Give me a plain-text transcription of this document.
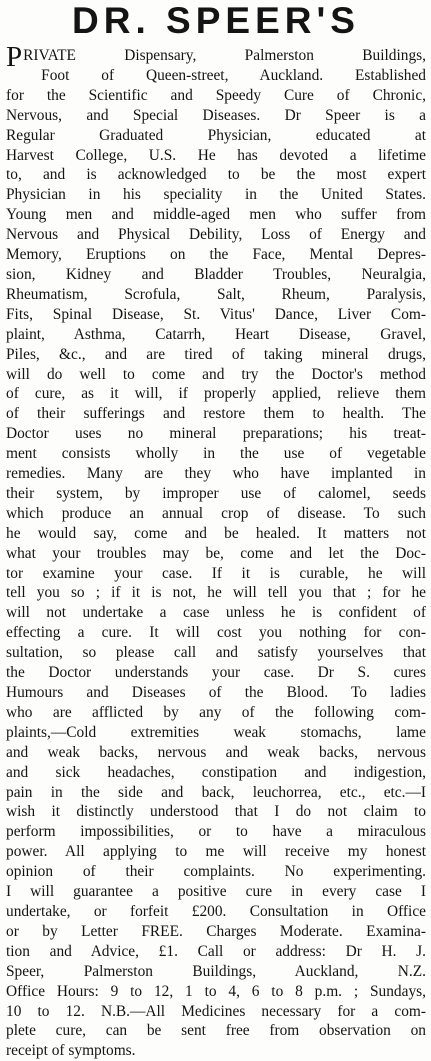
DR. SPEER'S
P RIVATE Dispensary, Palmerston Buildings,
Foot of Queen-street, Auckland. Established
for the Scientific and Speedy Cure of Chronic,
Nervous, and Special Diseases. Dr Speer is a
Regular Graduated Physician, educated at
Harvest College, U.S. He has devoted a lifetime
to, and is acknowledged to be the most expert
Physician in his speciality in the United States.
Young men and middle-aged men who suffer from
Nervous and Physical Debility, Loss of Energy and
Memory, Eruptions on the Face, Mental Depres-
sion, Kidney and Bladder Troubles, Neuralgia,
Rheumatism, Scrofula, Salt, Rheum, Paralysis,
Fits, Spinal Disease, St. Vitus' Dance, Liver Com-
plaint, Asthma, Catarrh, Heart Disease, Gravel,
Piles, &c., and are tired of taking mineral drugs,
will do well to come and try the Doctor's method
of cure, as it will, if properly applied, relieve them
of their sufferings and restore them to health. The
Doctor uses no mineral preparations; his treat-
ment consists wholly in the use of vegetable
remedies. Many are they who have implanted in
their system, by improper use of calomel, seeds
which produce an annual crop of disease. To such
he would say, come and be healed. It matters not
what your troubles may be, come and let the Doc-
tor examine your case. If it is curable, he will
tell you so ; if it is not, he will tell you that ; for he
will not undertake a case unless he is confident of
effecting a cure. It will cost you nothing for con-
sultation, so please call and satisfy yourselves that
the Doctor understands your case. Dr S. cures
Humours and Diseases of the Blood. To ladies
who are afflicted by any of the following com-
plaints,—Cold extremities weak stomachs, lame
and weak backs, nervous and weak backs, nervous
and sick headaches, constipation and indigestion,
pain in the side and back, leuchorrea, etc., etc.—I
wish it distinctly understood that I do not claim to
perform impossibilities, or to have a miraculous
power. All applying to me will receive my honest
opinion of their complaints. No experimenting.
I will guarantee a positive cure in every case I
undertake, or forfeit £200. Consultation in Office
or by Letter FREE. Charges Moderate. Examina-
tion and Advice, £1. Call or address: Dr H. J.
Speer, Palmerston Buildings, Auckland, N.Z.
Office Hours: 9 to 12, 1 to 4, 6 to 8 p.m. ; Sundays,
10 to 12. N.B.—All Medicines necessary for a com-
plete cure, can be sent free from observation on
receipt of symptoms.
